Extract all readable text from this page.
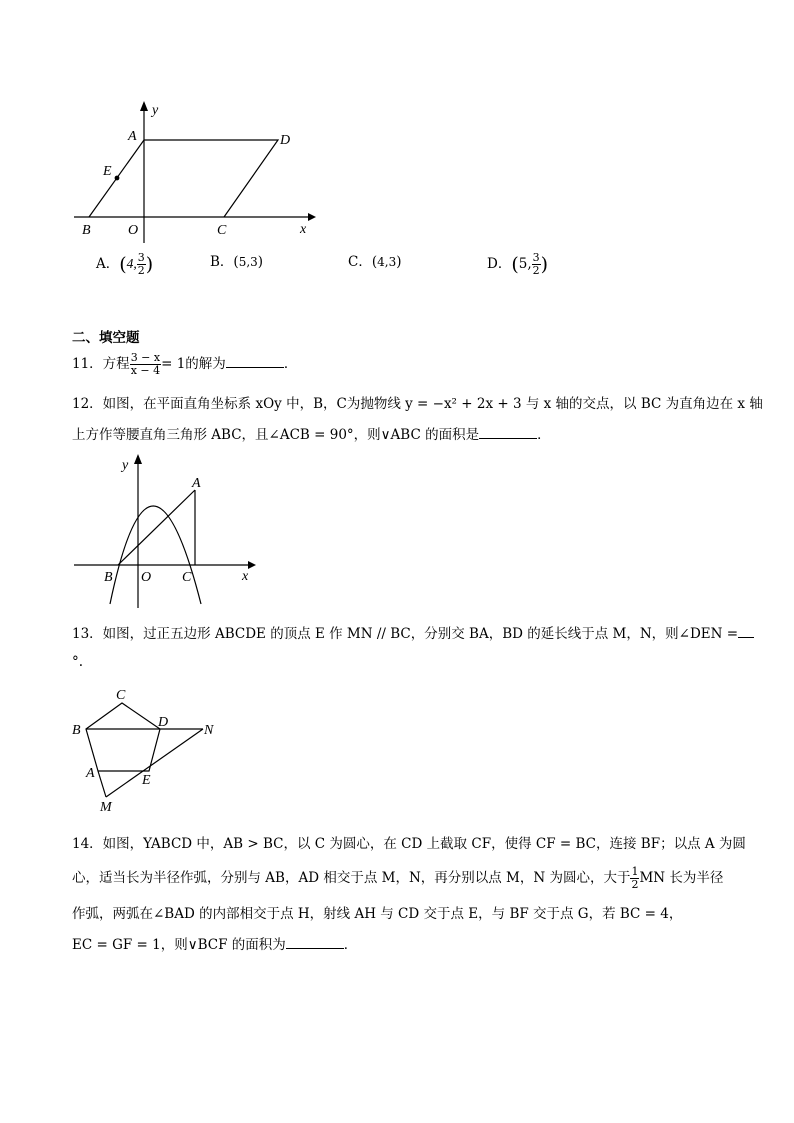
y
x
A	D
E
B	O	C
A．(4, $\frac{3}{2}$ )	B．(5,3)	C．(4,3)	D．(5, $\frac{3}{2}$ )
二、填空题
11．方程 $\frac{3 - x}{x - 4} = 1$的解为	．
12．如图，在平面直角坐标系 xOy 中，B，C为抛物线 y = −x² + 2x + 3 与 x 轴的交点，以 BC 为直角边在 x 轴
上方作等腰直角三角形 ABC，且∠ACB = 90°，则∨ABC 的面积是	．
y
A
B O C	x
13．如图，过正五边形 ABCDE 的顶点 E 作 MN // BC，分别交 BA，BD 的延长线于点 M，N，则∠DEN =
°.
C
B
D
N
A	E
M
14．如图，YABCD 中，AB > BC，以 C 为圆心，在 CD 上截取 CF，使得 CF = BC，连接 BF；以点 A 为圆
心，适当长为半径作弧，分别与 AB，AD 相交于点 M，N，再分别以点 M，N 为圆心，大于 $\frac{1}{2}$ MN 长为半径
作弧，两弧在∠BAD 的内部相交于点 H，射线 AH 与 CD 交于点 E，与 BF 交于点 G，若 BC = 4，
EC = GF = 1，则∨BCF 的面积为	．
